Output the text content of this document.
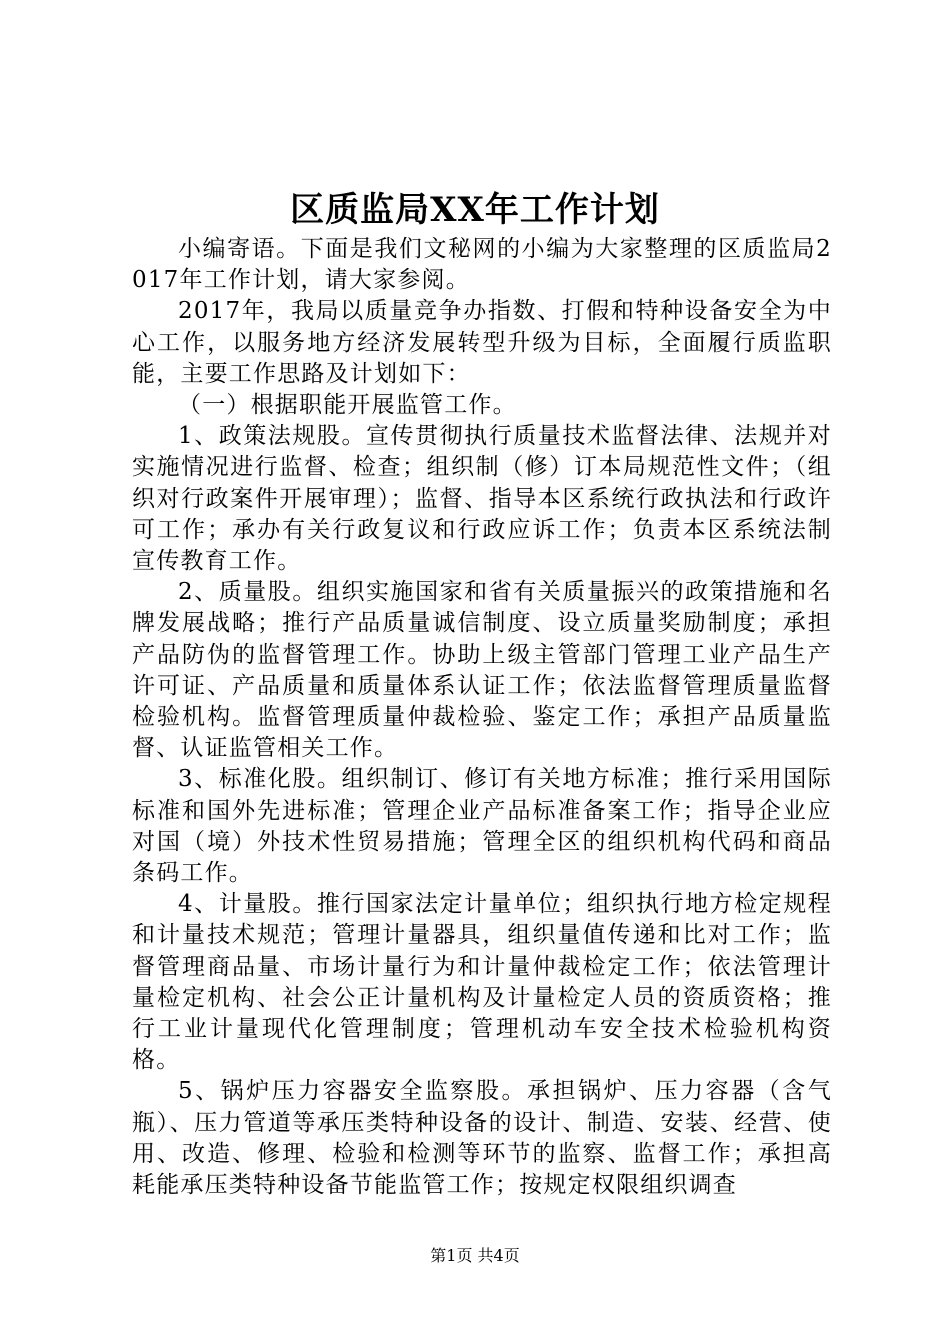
区质监局XX年工作计划

小编寄语。下面是我们文秘网的小编为大家整理的区质监局2017年工作计划，请大家参阅。

2017年，我局以质量竞争办指数、打假和特种设备安全为中心工作，以服务地方经济发展转型升级为目标，全面履行质监职能，主要工作思路及计划如下：

（一）根据职能开展监管工作。

1、政策法规股。宣传贯彻执行质量技术监督法律、法规并对实施情况进行监督、检查；组织制（修）订本局规范性文件；（组织对行政案件开展审理）；监督、指导本区系统行政执法和行政许可工作；承办有关行政复议和行政应诉工作；负责本区系统法制宣传教育工作。

2、质量股。组织实施国家和省有关质量振兴的政策措施和名牌发展战略；推行产品质量诚信制度、设立质量奖励制度；承担产品防伪的监督管理工作。协助上级主管部门管理工业产品生产许可证、产品质量和质量体系认证工作；依法监督管理质量监督检验机构。监督管理质量仲裁检验、鉴定工作；承担产品质量监督、认证监管相关工作。

3、标准化股。组织制订、修订有关地方标准；推行采用国际标准和国外先进标准；管理企业产品标准备案工作；指导企业应对国（境）外技术性贸易措施；管理全区的组织机构代码和商品条码工作。

4、计量股。推行国家法定计量单位；组织执行地方检定规程和计量技术规范；管理计量器具，组织量值传递和比对工作；监督管理商品量、市场计量行为和计量仲裁检定工作；依法管理计量检定机构、社会公正计量机构及计量检定人员的资质资格；推行工业计量现代化管理制度；管理机动车安全技术检验机构资格。

5、锅炉压力容器安全监察股。承担锅炉、压力容器（含气瓶）、压力管道等承压类特种设备的设计、制造、安装、经营、使用、改造、修理、检验和检测等环节的监察、监督工作；承担高耗能承压类特种设备节能监管工作；按规定权限组织调查

第1页 共4页
